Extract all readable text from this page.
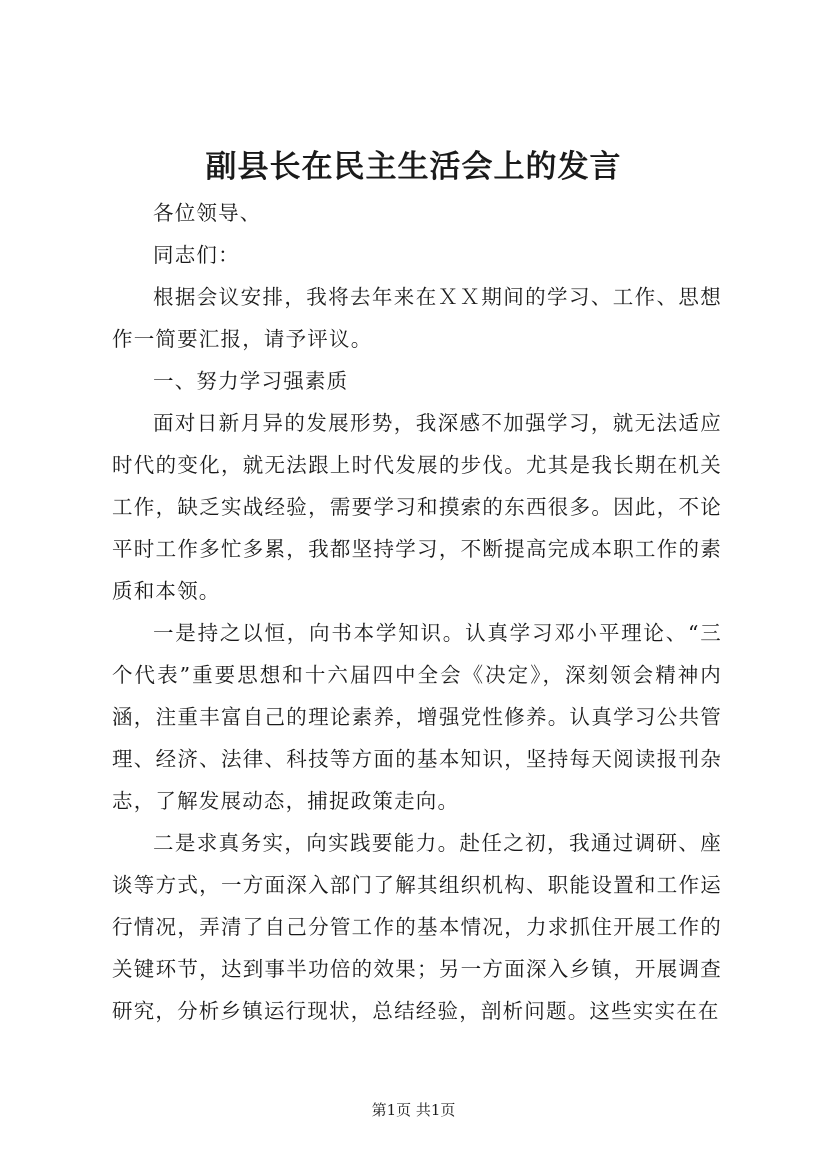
副县长在民主生活会上的发言

各位领导、

同志们：

根据会议安排，我将去年来在ＸＸ期间的学习、工作、思想作一简要汇报，请予评议。

一、努力学习强素质

面对日新月异的发展形势，我深感不加强学习，就无法适应时代的变化，就无法跟上时代发展的步伐。尤其是我长期在机关工作，缺乏实战经验，需要学习和摸索的东西很多。因此，不论平时工作多忙多累，我都坚持学习，不断提高完成本职工作的素质和本领。

一是持之以恒，向书本学知识。认真学习邓小平理论、“三个代表”重要思想和十六届四中全会《决定》，深刻领会精神内涵，注重丰富自己的理论素养，增强党性修养。认真学习公共管理、经济、法律、科技等方面的基本知识，坚持每天阅读报刊杂志，了解发展动态，捕捉政策走向。

二是求真务实，向实践要能力。赴任之初，我通过调研、座谈等方式，一方面深入部门了解其组织机构、职能设置和工作运行情况，弄清了自己分管工作的基本情况，力求抓住开展工作的关键环节，达到事半功倍的效果；另一方面深入乡镇，开展调查研究，分析乡镇运行现状，总结经验，剖析问题。这些实实在在

第1页 共1页
